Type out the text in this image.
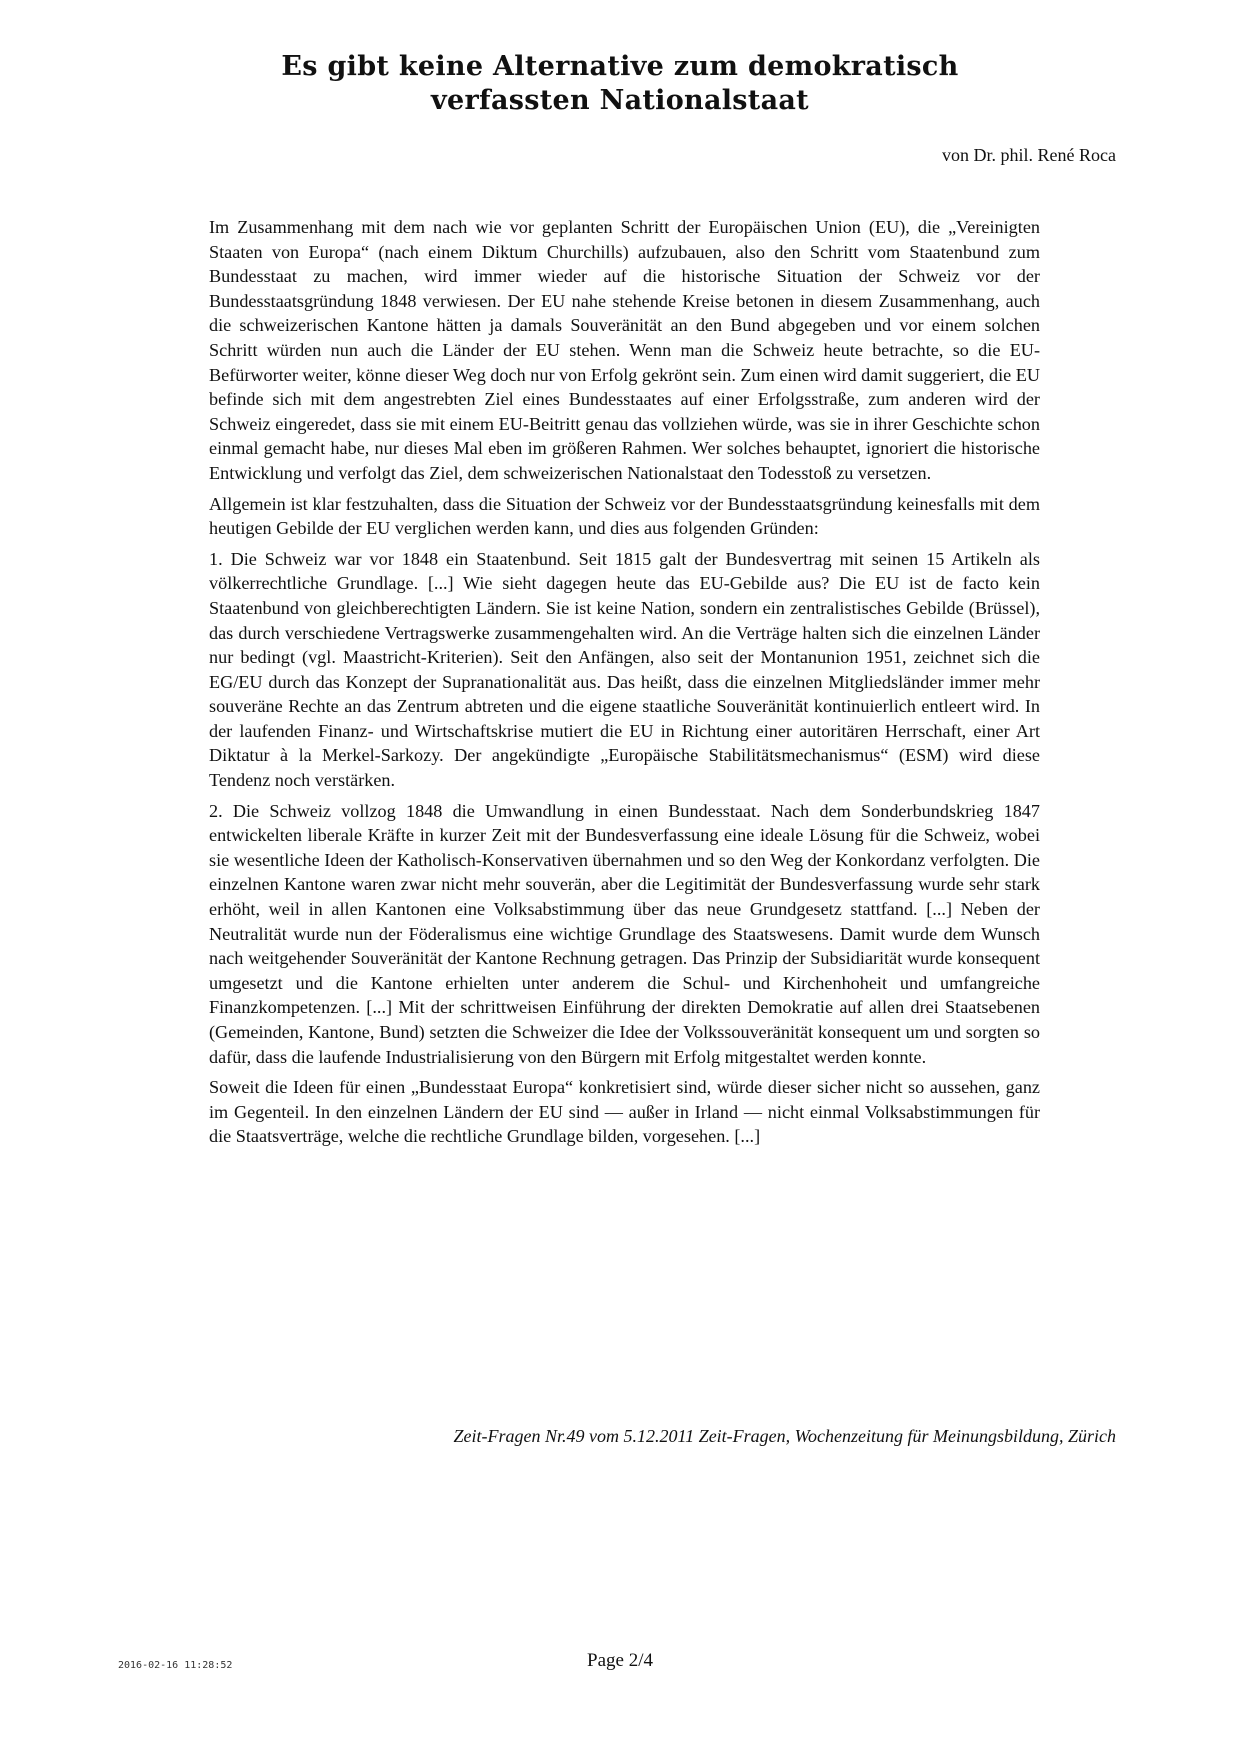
Es gibt keine Alternative zum demokratisch
verfassten Nationalstaat

von Dr. phil. René Roca

Im Zusammenhang mit dem nach wie vor geplanten Schritt der Europäischen Union (EU), die „Vereinigten Staaten von Europa“ (nach einem Diktum Churchills) aufzubauen, also den Schritt vom Staatenbund zum Bundesstaat zu machen, wird immer wieder auf die historische Situation der Schweiz vor der Bundesstaatsgründung 1848 verwiesen. Der EU nahe stehende Kreise betonen in diesem Zusammenhang, auch die schweizerischen Kantone hätten ja damals Souveränität an den Bund abgegeben und vor einem solchen Schritt würden nun auch die Länder der EU stehen. Wenn man die Schweiz heute betrachte, so die EU-Befürworter weiter, könne dieser Weg doch nur von Erfolg gekrönt sein. Zum einen wird damit suggeriert, die EU befinde sich mit dem angestrebten Ziel eines Bundesstaates auf einer Erfolgsstraße, zum anderen wird der Schweiz eingeredet, dass sie mit einem EU-Beitritt genau das vollziehen würde, was sie in ihrer Geschichte schon einmal gemacht habe, nur dieses Mal eben im größeren Rahmen. Wer solches behauptet, ignoriert die historische Entwicklung und verfolgt das Ziel, dem schweizerischen Nationalstaat den Todesstoß zu versetzen.

Allgemein ist klar festzuhalten, dass die Situation der Schweiz vor der Bundesstaatsgründung keinesfalls mit dem heutigen Gebilde der EU verglichen werden kann, und dies aus folgenden Gründen:

1. Die Schweiz war vor 1848 ein Staatenbund. Seit 1815 galt der Bundesvertrag mit seinen 15 Artikeln als völkerrechtliche Grundlage. [...] Wie sieht dagegen heute das EU-Gebilde aus? Die EU ist de facto kein Staatenbund von gleichberechtigten Ländern. Sie ist keine Nation, sondern ein zentralistisches Gebilde (Brüssel), das durch verschiedene Vertragswerke zusammengehalten wird. An die Verträge halten sich die einzelnen Länder nur bedingt (vgl. Maastricht-Kriterien). Seit den Anfängen, also seit der Montanunion 1951, zeichnet sich die EG/EU durch das Konzept der Supranationalität aus. Das heißt, dass die einzelnen Mitgliedsländer immer mehr souveräne Rechte an das Zentrum abtreten und die eigene staatliche Souveränität kontinuierlich entleert wird. In der laufenden Finanz- und Wirtschaftskrise mutiert die EU in Richtung einer autoritären Herrschaft, einer Art Diktatur à la Merkel-Sarkozy. Der angekündigte „Europäische Stabilitätsmechanismus“ (ESM) wird diese Tendenz noch verstärken.

2. Die Schweiz vollzog 1848 die Umwandlung in einen Bundesstaat. Nach dem Sonderbundskrieg 1847 entwickelten liberale Kräfte in kurzer Zeit mit der Bundesverfassung eine ideale Lösung für die Schweiz, wobei sie wesentliche Ideen der Katholisch-Konservativen übernahmen und so den Weg der Konkordanz verfolgten. Die einzelnen Kantone waren zwar nicht mehr souverän, aber die Legitimität der Bundesverfassung wurde sehr stark erhöht, weil in allen Kantonen eine Volksabstimmung über das neue Grundgesetz stattfand. [...] Neben der Neutralität wurde nun der Föderalismus eine wichtige Grundlage des Staatswesens. Damit wurde dem Wunsch nach weitgehender Souveränität der Kantone Rechnung getragen. Das Prinzip der Subsidiarität wurde konsequent umgesetzt und die Kantone erhielten unter anderem die Schul- und Kirchenhoheit und umfangreiche Finanzkompetenzen. [...] Mit der schrittweisen Einführung der direkten Demokratie auf allen drei Staatsebenen (Gemeinden, Kantone, Bund) setzten die Schweizer die Idee der Volkssouveränität konsequent um und sorgten so dafür, dass die laufende Industrialisierung von den Bürgern mit Erfolg mitgestaltet werden konnte.

Soweit die Ideen für einen „Bundesstaat Europa“ konkretisiert sind, würde dieser sicher nicht so aussehen, ganz im Gegenteil. In den einzelnen Ländern der EU sind — außer in Irland — nicht einmal Volksabstimmungen für die Staatsverträge, welche die rechtliche Grundlage bilden, vorgesehen. [...]

Zeit-Fragen Nr.49 vom 5.12.2011 Zeit-Fragen, Wochenzeitung für Meinungsbildung, Zürich

2016-02-16 11:28:52	Page 2/4
